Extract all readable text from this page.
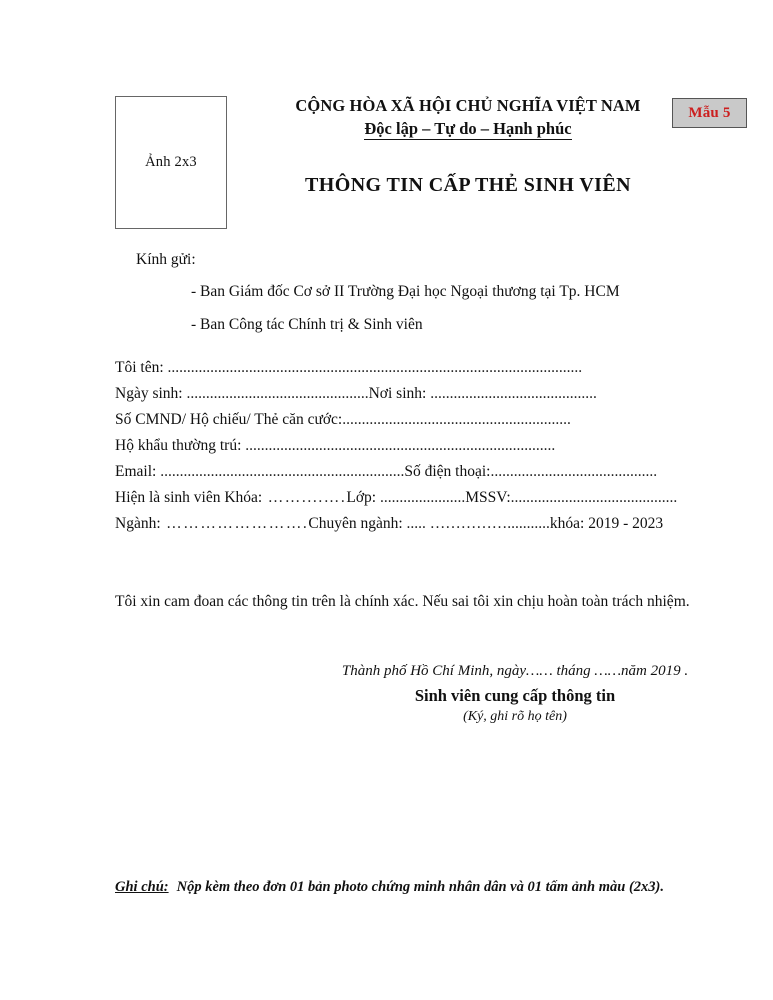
Ảnh 2x3
CỘNG HÒA XÃ HỘI CHỦ NGHĨA VIỆT NAM
Độc lập – Tự do – Hạnh phúc
Mẫu 5
THÔNG TIN CẤP THẺ SINH VIÊN
Kính gửi:
- Ban Giám đốc Cơ sở II Trường Đại học Ngoại thương tại Tp. HCM
- Ban Công tác Chính trị & Sinh viên
Tôi tên: ...........................................................................................................
Ngày sinh: ...............................................Nơi sinh: ...........................................
Số CMND/ Hộ chiếu/ Thẻ căn cước:...........................................................
Hộ khẩu thường trú: ................................................................................
Email: ...............................................................Số điện thoại:...........................................
Hiện là sinh viên Khóa: ……....….Lớp: ......................MSSV:...........................................
Ngành: …………………….Chuyên ngành: ..... ……………...........khóa: 2019 - 2023
Tôi xin cam đoan các thông tin trên là chính xác. Nếu sai tôi xin chịu hoàn toàn trách nhiệm.
Thành phố Hồ Chí Minh, ngày…… tháng ……năm 2019 .
Sinh viên cung cấp thông tin
(Ký, ghi rõ họ tên)
Ghi chú: Nộp kèm theo đơn 01 bản photo chứng minh nhân dân và 01 tấm ảnh màu (2x3).
